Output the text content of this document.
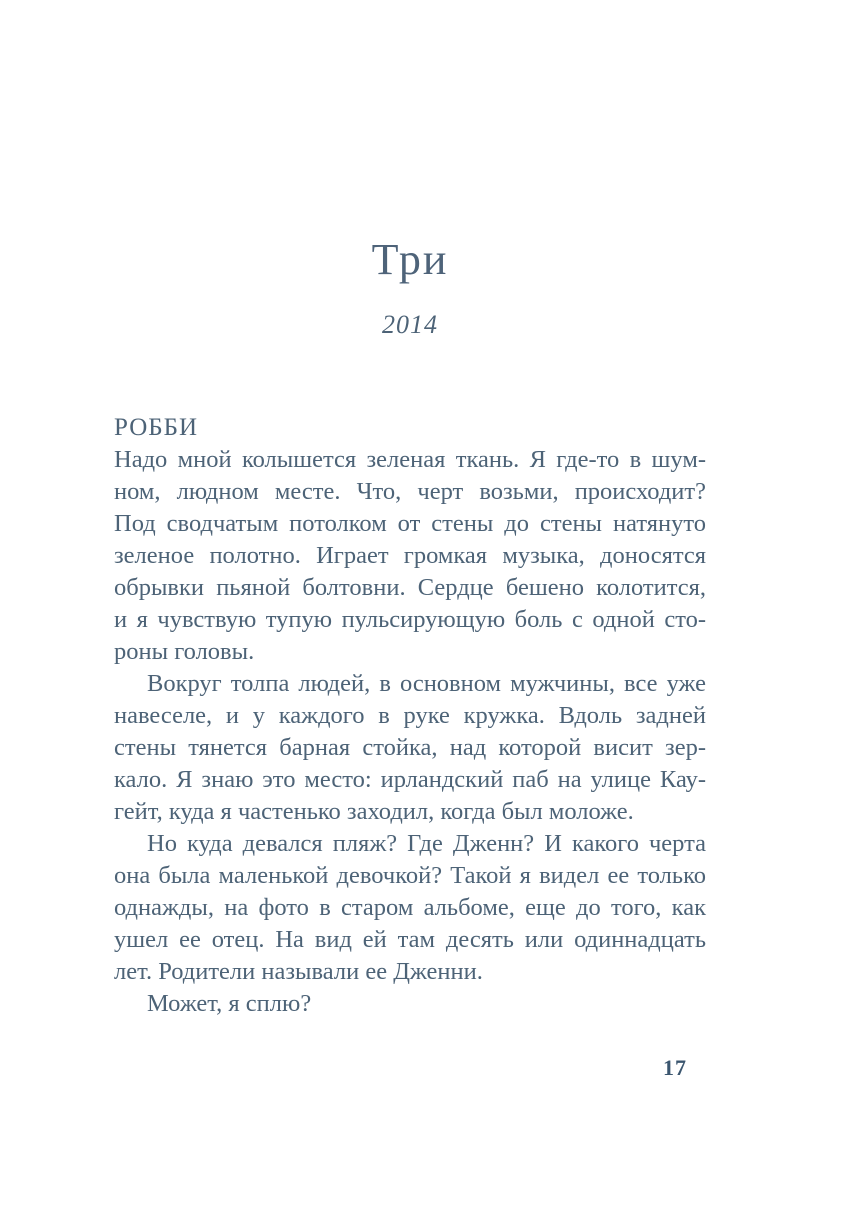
Три
2014
РОББИ
Надо мной колышется зеленая ткань. Я где-то в шум-
ном, людном месте. Что, черт возьми, происходит?
Под сводчатым потолком от стены до стены натянуто
зеленое полотно. Играет громкая музыка, доносятся
обрывки пьяной болтовни. Сердце бешено колотится,
и я чувствую тупую пульсирующую боль с одной сто-
роны головы.
Вокруг толпа людей, в основном мужчины, все уже
навеселе, и у каждого в руке кружка. Вдоль задней
стены тянется барная стойка, над которой висит зер-
кало. Я знаю это место: ирландский паб на улице Кау-
гейт, куда я частенько заходил, когда был моложе.
Но куда девался пляж? Где Дженн? И какого черта
она была маленькой девочкой? Такой я видел ее только
однажды, на фото в старом альбоме, еще до того, как
ушел ее отец. На вид ей там десять или одиннадцать
лет. Родители называли ее Дженни.
Может, я сплю?
17
